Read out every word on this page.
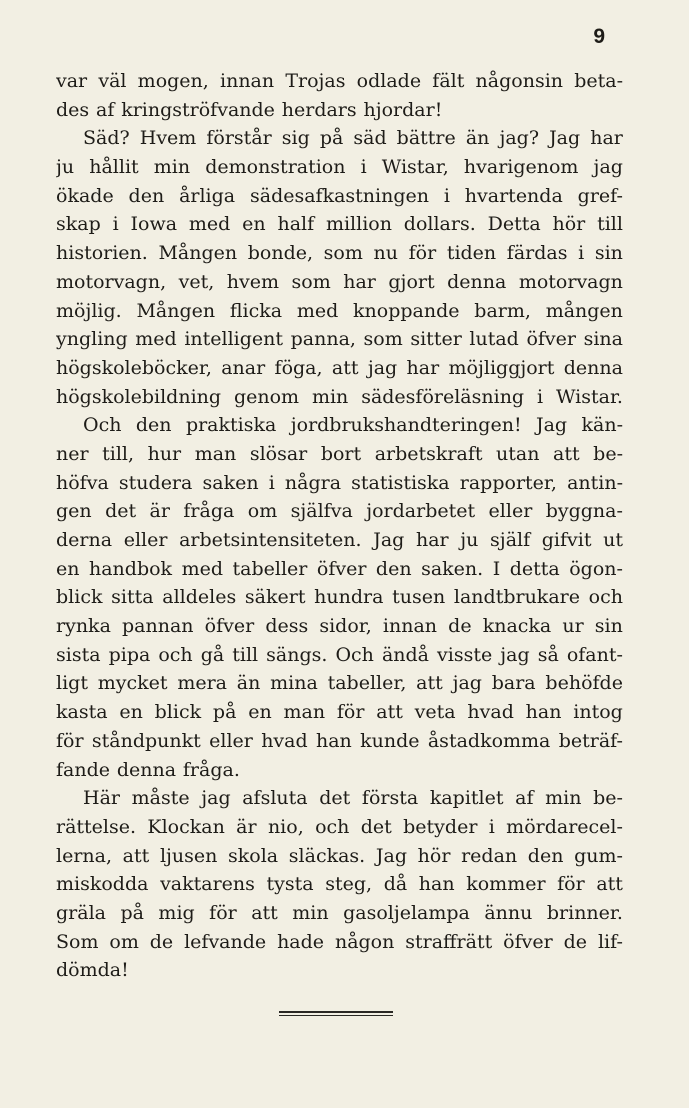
9
var väl mogen, innan Trojas odlade fält någonsin beta-
des af kringströfvande herdars hjordar!
Säd? Hvem förstår sig på säd bättre än jag? Jag har
ju hållit min demonstration i Wistar, hvarigenom jag
ökade den årliga sädesafkastningen i hvartenda gref-
skap i Iowa med en half million dollars. Detta hör till
historien. Mången bonde, som nu för tiden färdas i sin
motorvagn, vet, hvem som har gjort denna motorvagn
möjlig. Mången flicka med knoppande barm, mången
yngling med intelligent panna, som sitter lutad öfver sina
högskoleböcker, anar föga, att jag har möjliggjort denna
högskolebildning genom min sädesföreläsning i Wistar.
Och den praktiska jordbrukshandteringen! Jag kän-
ner till, hur man slösar bort arbetskraft utan att be-
höfva studera saken i några statistiska rapporter, antin-
gen det är fråga om själfva jordarbetet eller byggna-
derna eller arbetsintensiteten. Jag har ju själf gifvit ut
en handbok med tabeller öfver den saken. I detta ögon-
blick sitta alldeles säkert hundra tusen landtbrukare och
rynka pannan öfver dess sidor, innan de knacka ur sin
sista pipa och gå till sängs. Och ändå visste jag så ofant-
ligt mycket mera än mina tabeller, att jag bara behöfde
kasta en blick på en man för att veta hvad han intog
för ståndpunkt eller hvad han kunde åstadkomma beträf-
fande denna fråga.
Här måste jag afsluta det första kapitlet af min be-
rättelse. Klockan är nio, och det betyder i mördarecel-
lerna, att ljusen skola släckas. Jag hör redan den gum-
miskodda vaktarens tysta steg, då han kommer för att
gräla på mig för att min gasoljelampa ännu brinner.
Som om de lefvande hade någon straffrätt öfver de lif-
dömda!
